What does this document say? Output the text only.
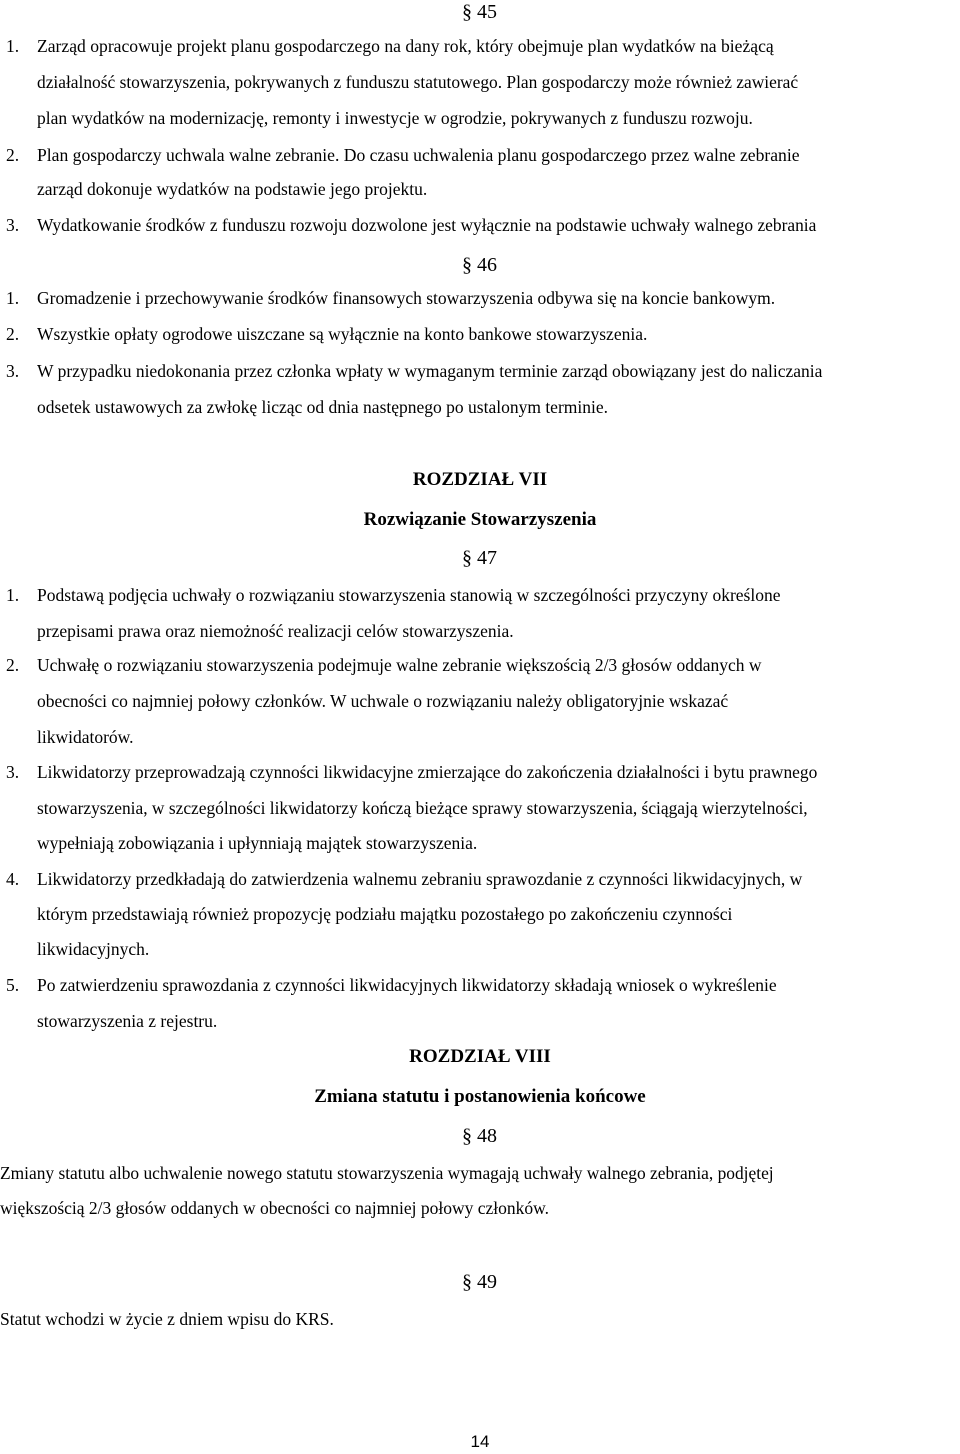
§ 45
1. Zarząd opracowuje projekt planu gospodarczego na dany rok, który obejmuje plan wydatków na bieżącą
działalność stowarzyszenia, pokrywanych z funduszu statutowego. Plan gospodarczy może również zawierać
plan wydatków na modernizację, remonty i inwestycje w ogrodzie, pokrywanych z funduszu rozwoju.
2. Plan gospodarczy uchwala walne zebranie. Do czasu uchwalenia planu gospodarczego przez walne zebranie
zarząd dokonuje wydatków na podstawie jego projektu.
3. Wydatkowanie środków z funduszu rozwoju dozwolone jest wyłącznie na podstawie uchwały walnego zebrania
§ 46
1. Gromadzenie i przechowywanie środków finansowych stowarzyszenia odbywa się na koncie bankowym.
2. Wszystkie opłaty ogrodowe uiszczane są wyłącznie na konto bankowe stowarzyszenia.
3. W przypadku niedokonania przez członka wpłaty w wymaganym terminie zarząd obowiązany jest do naliczania
odsetek ustawowych za zwłokę licząc od dnia następnego po ustalonym terminie.
ROZDZIAŁ VII
Rozwiązanie Stowarzyszenia
§ 47
1. Podstawą podjęcia uchwały o rozwiązaniu stowarzyszenia stanowią w szczególności przyczyny określone
przepisami prawa oraz niemożność realizacji celów stowarzyszenia.
2. Uchwałę o rozwiązaniu stowarzyszenia podejmuje walne zebranie większością 2/3 głosów oddanych w
obecności co najmniej połowy członków. W uchwale o rozwiązaniu należy obligatoryjnie wskazać
likwidatorów.
3. Likwidatorzy przeprowadzają czynności likwidacyjne zmierzające do zakończenia działalności i bytu prawnego
stowarzyszenia, w szczególności likwidatorzy kończą bieżące sprawy stowarzyszenia, ściągają wierzytelności,
wypełniają zobowiązania i upłynniają majątek stowarzyszenia.
4. Likwidatorzy przedkładają do zatwierdzenia walnemu zebraniu sprawozdanie z czynności likwidacyjnych, w
którym przedstawiają również propozycję podziału majątku pozostałego po zakończeniu czynności
likwidacyjnych.
5. Po zatwierdzeniu sprawozdania z czynności likwidacyjnych likwidatorzy składają wniosek o wykreślenie
stowarzyszenia z rejestru.
ROZDZIAŁ VIII
Zmiana statutu i postanowienia końcowe
§ 48
Zmiany statutu albo uchwalenie nowego statutu stowarzyszenia wymagają uchwały walnego zebrania, podjętej
większością 2/3 głosów oddanych w obecności co najmniej połowy członków.
§ 49
Statut wchodzi w życie z dniem wpisu do KRS.
14
